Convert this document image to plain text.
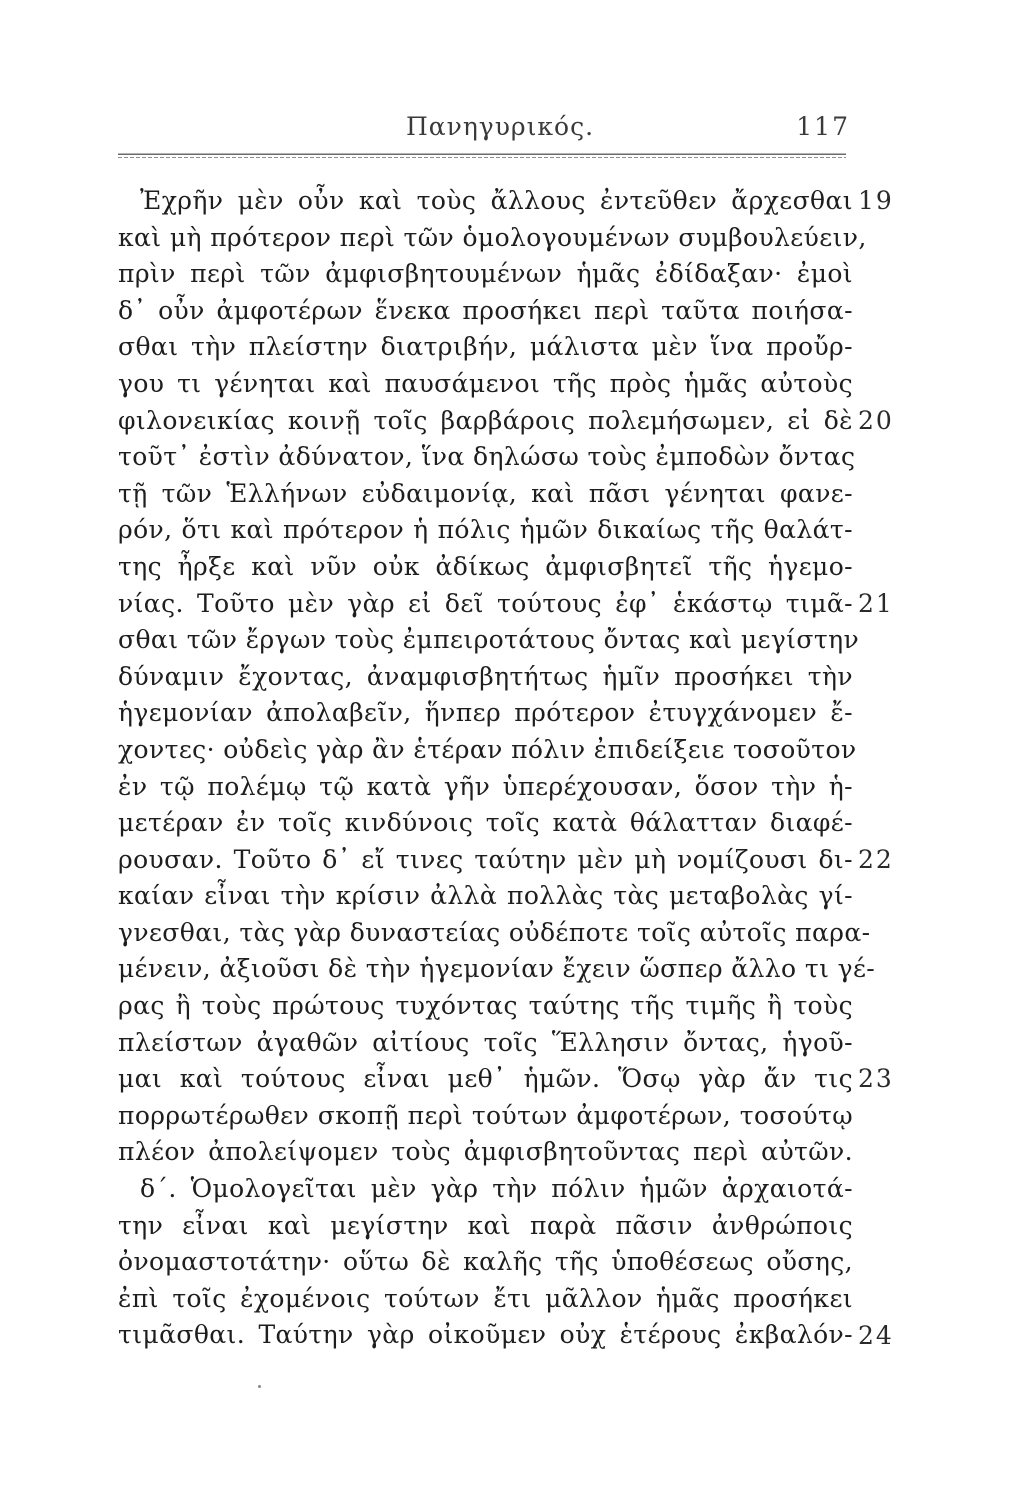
Πανηγυρικός.	117
Ἐχρῆν μὲν οὖν καὶ τοὺς ἄλλους ἐντεῦθεν ἄρχεσθαι
καὶ μὴ πρότερον περὶ τῶν ὁμολογουμένων συμβουλεύειν,
πρὶν περὶ τῶν ἀμφισβητουμένων ἡμᾶς ἐδίδαξαν· ἐμοὶ
δ᾽ οὖν ἀμφοτέρων ἕνεκα προσήκει περὶ ταῦτα ποιήσα-
σθαι τὴν πλείστην διατριβήν, μάλιστα μὲν ἵνα προὔρ-
γου τι γένηται καὶ παυσάμενοι τῆς πρὸς ἡμᾶς αὐτοὺς
φιλονεικίας κοινῇ τοῖς βαρβάροις πολεμήσωμεν, εἰ δὲ
τοῦτ᾽ ἐστὶν ἀδύνατον, ἵνα δηλώσω τοὺς ἐμποδὼν ὄντας
τῇ τῶν Ἑλλήνων εὐδαιμονίᾳ, καὶ πᾶσι γένηται φανε-
ρόν, ὅτι καὶ πρότερον ἡ πόλις ἡμῶν δικαίως τῆς θαλάτ-
της ἦρξε καὶ νῦν οὐκ ἀδίκως ἀμφισβητεῖ τῆς ἡγεμο-
νίας. Τοῦτο μὲν γὰρ εἰ δεῖ τούτους ἐφ᾽ ἑκάστῳ τιμᾶ-
σθαι τῶν ἔργων τοὺς ἐμπειροτάτους ὄντας καὶ μεγίστην
δύναμιν ἔχοντας, ἀναμφισβητήτως ἡμῖν προσήκει τὴν
ἡγεμονίαν ἀπολαβεῖν, ἥνπερ πρότερον ἐτυγχάνομεν ἔ-
χοντες· οὐδεὶς γὰρ ἂν ἑτέραν πόλιν ἐπιδείξειε τοσοῦτον
ἐν τῷ πολέμῳ τῷ κατὰ γῆν ὑπερέχουσαν, ὅσον τὴν ἡ-
μετέραν ἐν τοῖς κινδύνοις τοῖς κατὰ θάλατταν διαφέ-
ρουσαν. Τοῦτο δ᾽ εἴ τινες ταύτην μὲν μὴ νομίζουσι δι-
καίαν εἶναι τὴν κρίσιν ἀλλὰ πολλὰς τὰς μεταβολὰς γί-
γνεσθαι, τὰς γὰρ δυναστείας οὐδέποτε τοῖς αὐτοῖς παρα-
μένειν, ἀξιοῦσι δὲ τὴν ἡγεμονίαν ἔχειν ὥσπερ ἄλλο τι γέ-
ρας ἢ τοὺς πρώτους τυχόντας ταύτης τῆς τιμῆς ἢ τοὺς
πλείστων ἀγαθῶν αἰτίους τοῖς Ἕλλησιν ὄντας, ἡγοῦ-
μαι καὶ τούτους εἶναι μεθ᾽ ἡμῶν. Ὅσῳ γὰρ ἄν τις
πορρωτέρωθεν σκοπῇ περὶ τούτων ἀμφοτέρων, τοσούτῳ
πλέον ἀπολείψομεν τοὺς ἀμφισβητοῦντας περὶ αὐτῶν.
δ΄. Ὁμολογεῖται μὲν γὰρ τὴν πόλιν ἡμῶν ἀρχαιοτά-
την εἶναι καὶ μεγίστην καὶ παρὰ πᾶσιν ἀνθρώποις
ὀνομαστοτάτην· οὕτω δὲ καλῆς τῆς ὑποθέσεως οὔσης,
ἐπὶ τοῖς ἐχομένοις τούτων ἔτι μᾶλλον ἡμᾶς προσήκει
τιμᾶσθαι. Ταύτην γὰρ οἰκοῦμεν οὐχ ἑτέρους ἐκβαλόν-
19
20
21
22
23
24
